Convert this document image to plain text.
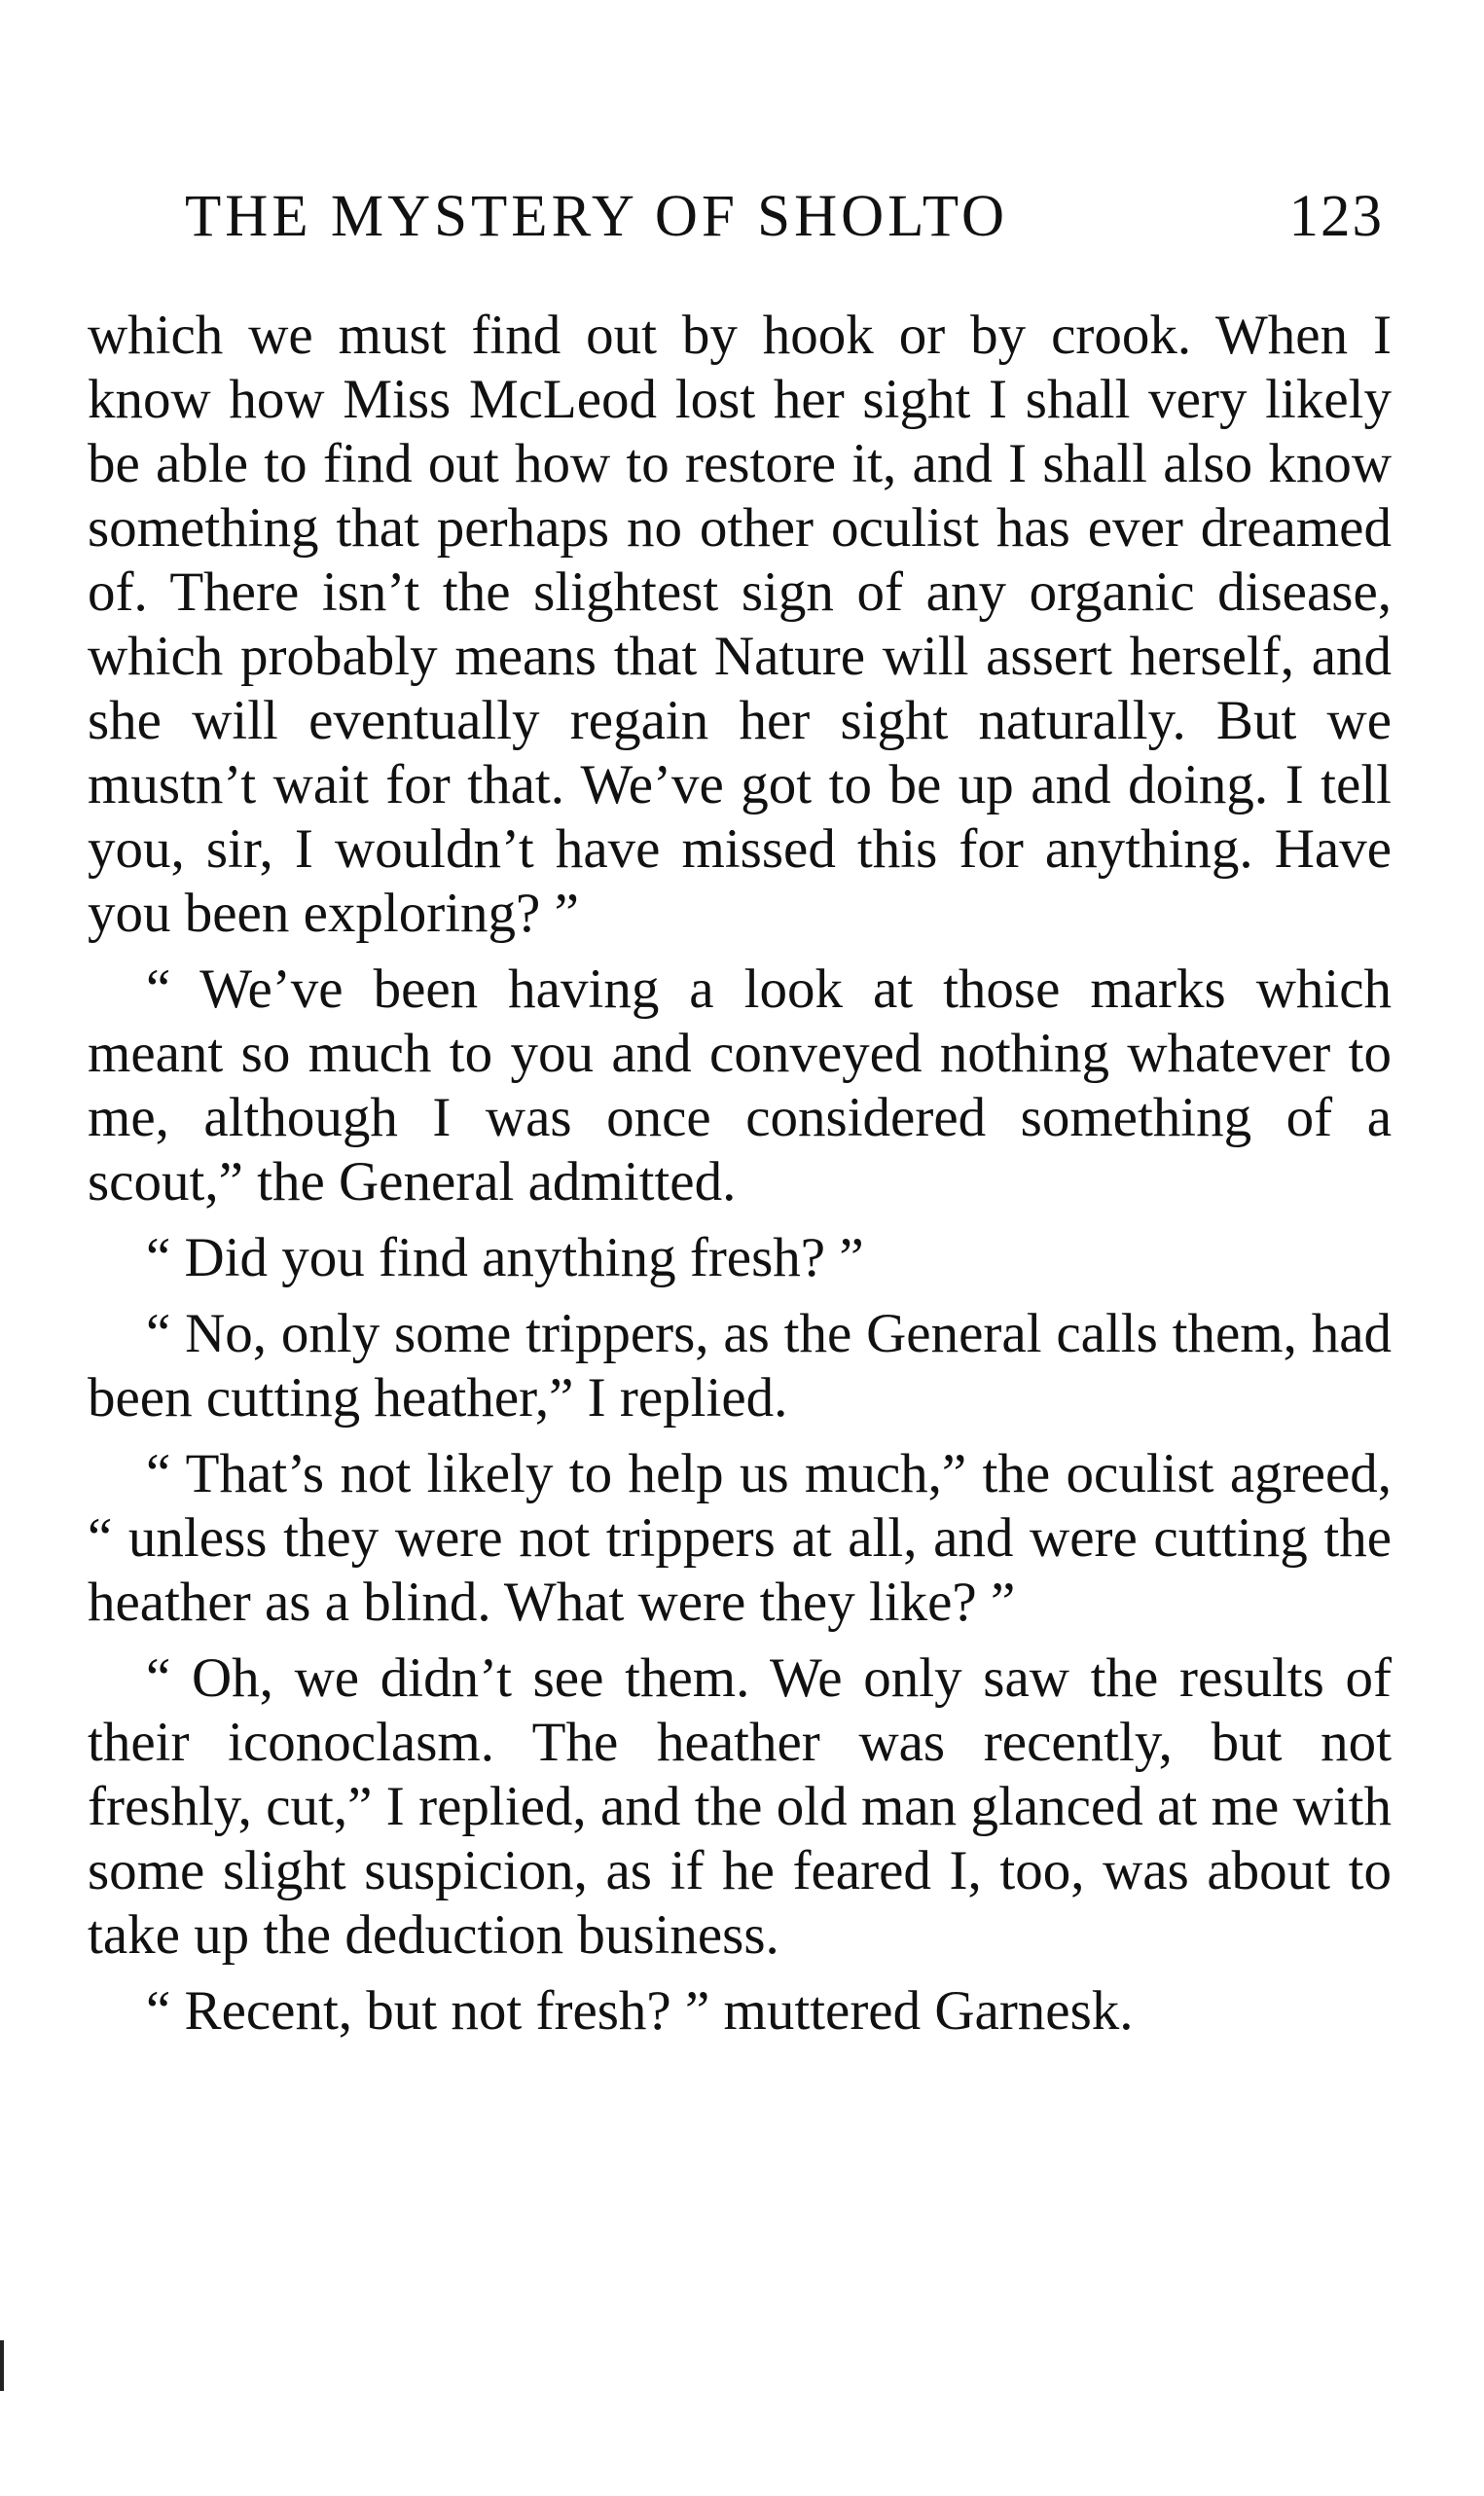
THE MYSTERY OF SHOLTO	123

which we must find out by hook or by crook. When I know how Miss McLeod lost her sight I shall very likely be able to find out how to restore it, and I shall also know something that perhaps no other oculist has ever dreamed of. There isn’t the slightest sign of any organic disease, which probably means that Nature will assert herself, and she will eventually regain her sight naturally. But we mustn’t wait for that. We’ve got to be up and doing. I tell you, sir, I wouldn’t have missed this for anything. Have you been exploring? ”

“ We’ve been having a look at those marks which meant so much to you and conveyed nothing whatever to me, although I was once considered something of a scout,” the General admitted.

“ Did you find anything fresh? ”

“ No, only some trippers, as the General calls them, had been cutting heather,” I replied.

“ That’s not likely to help us much,” the oculist agreed, “ unless they were not trippers at all, and were cutting the heather as a blind. What were they like? ”

“ Oh, we didn’t see them. We only saw the results of their iconoclasm. The heather was recently, but not freshly, cut,” I replied, and the old man glanced at me with some slight suspicion, as if he feared I, too, was about to take up the deduction business.

“ Recent, but not fresh? ” muttered Garnesk.
